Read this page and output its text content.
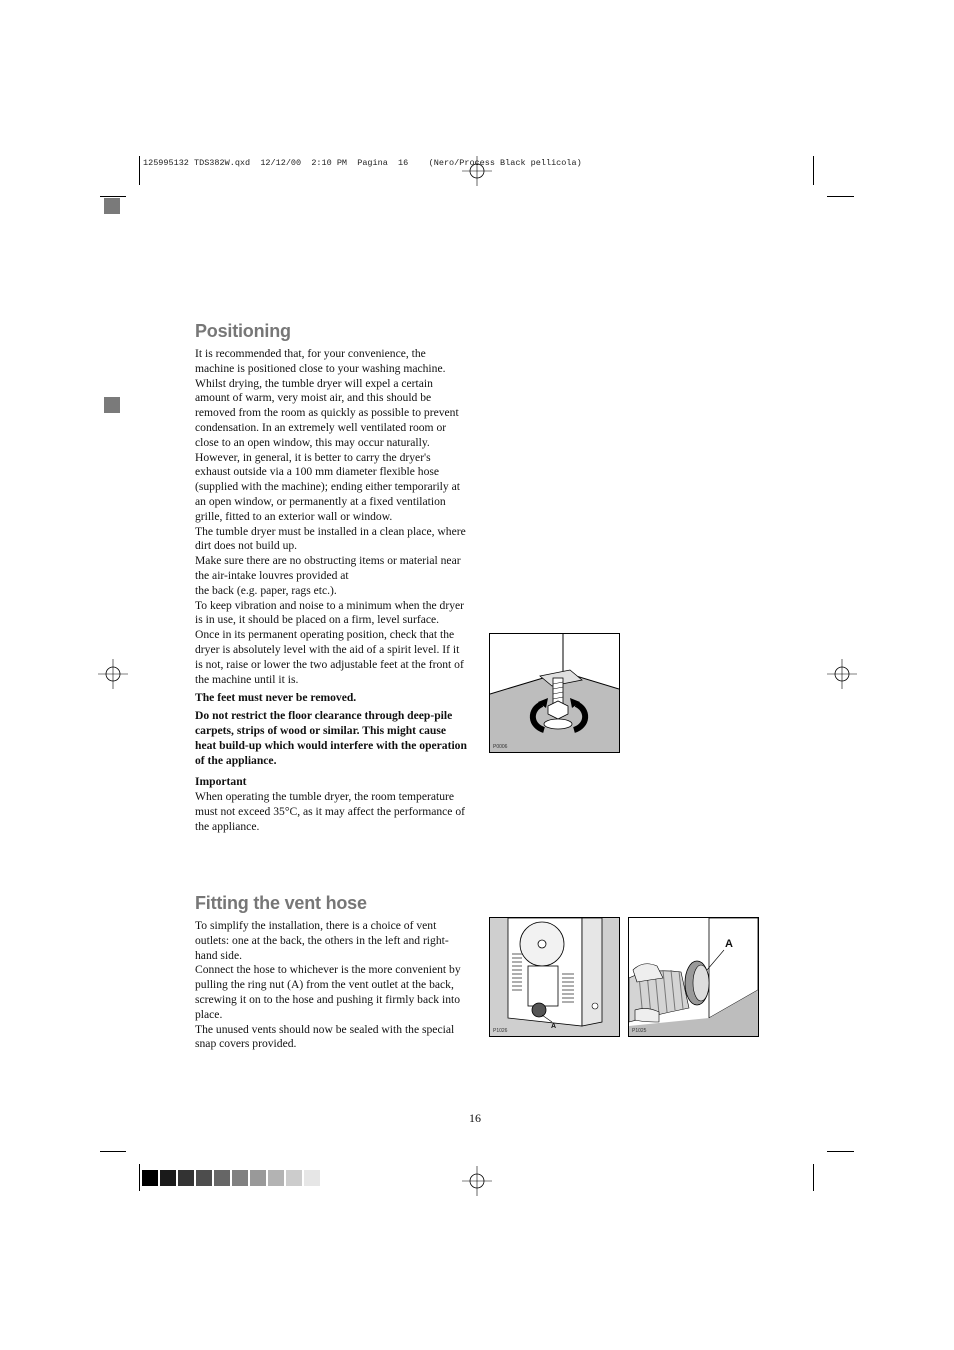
125995132 TDS382W.qxd  12/12/00  2:10 PM  Pagina  16    (Nero/Process Black pellicola)
Positioning

It is recommended that, for your convenience, the machine is positioned close to your washing machine. Whilst drying, the tumble dryer will expel a certain amount of warm, very moist air, and this should be removed from the room as quickly as possible to prevent condensation. In an extremely well ventilated room or close to an open window, this may occur naturally.

However, in general, it is better to carry the dryer's exhaust outside via a 100 mm diameter flexible hose (supplied with the machine); ending either temporarily at an open window, or permanently at a fixed ventilation grille, fitted to an exterior wall or window.

The tumble dryer must be installed in a clean place, where dirt does not build up.

Make sure there are no obstructing items or material near the air-intake louvres provided at

the back (e.g. paper, rags etc.).

To keep vibration and noise to a minimum when the dryer is in use, it should be placed on a firm, level surface.

Once in its permanent operating position, check that the dryer is absolutely level with the aid of a spirit level. If it is not, raise or lower the two adjustable feet at the front of the machine until it is.

The feet must never be removed.

Do not restrict the floor clearance through deep-pile carpets, strips of wood or similar. This might cause heat build-up which would interfere with the operation of the appliance.

Important

When operating the tumble dryer, the room temperature must not exceed 35°C, as it may affect the performance of the appliance.

Fitting the vent hose

To simplify the installation, there is a choice of vent outlets: one at the back, the others in the left and right-hand side.

Connect the hose to whichever is the more convenient by pulling the ring nut (A) from the vent outlet at the back, screwing it on to the hose and pushing it firmly back into place.

The unused vents should now be sealed with the special snap covers provided.

P0006
A
P1026
A
P1025
16
